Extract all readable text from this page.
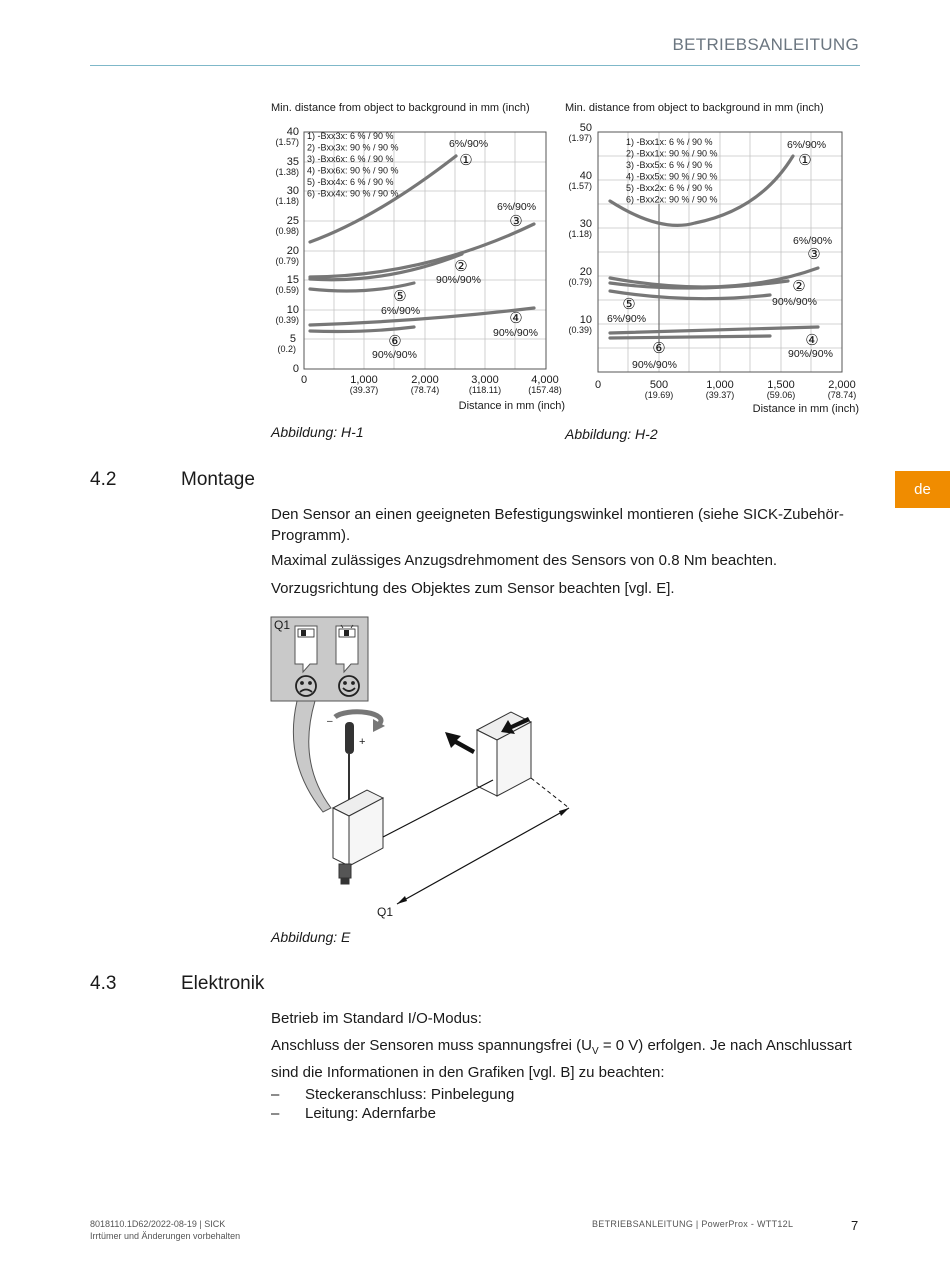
BETRIEBSANLEITUNG
de
Min. distance from object to background in mm (inch)
1) -Bxx3x: 6 % / 90 %
2) -Bxx3x: 90 % / 90 %
3) -Bxx6x: 6 % / 90 %
4) -Bxx6x: 90 % / 90 %
5) -Bxx4x: 6 % / 90 %
6) -Bxx4x: 90 % / 90 %
40
35
30
25
20
15
10
5
0
(1.57)
(1.38)
(1.18)
(0.98)
(0.79)
(0.59)
(0.39)
(0.2)
0	1,000	2,000	3,000	4,000
(39.37)	(78.74)	(118.11)	(157.48)
Distance in mm (inch)
6%/90%
6%/90%
90%/90%
6%/90%
90%/90%
90%/90%
①
②
③
④
⑤
⑥
Abbildung: H-1
Min. distance from object to background in mm (inch)
1) -Bxx1x: 6 % / 90 %
2) -Bxx1x: 90 % / 90 %
3) -Bxx5x: 6 % / 90 %
4) -Bxx5x: 90 % / 90 %
5) -Bxx2x: 6 % / 90 %
6) -Bxx2x: 90 % / 90 %
50
40
30
20
10
(1.97)
(1.57)
(1.18)
(0.79)
(0.39)
0	500	1,000	1,500	2,000
(19.69)	(39.37)	(59.06)	(78.74)
Distance in mm (inch)
6%/90%
6%/90%
90%/90%
6%/90%
90%/90%
90%/90%
①
②
③
④
⑤
⑥
Abbildung: H-2
4.2	Montage
Den Sensor an einen geeigneten Befestigungswinkel montieren (siehe SICK-Zubehör-Programm).
Maximal zulässiges Anzugsdrehmoment des Sensors von 0.8 Nm beachten.
Vorzugsrichtung des Objektes zum Sensor beachten [vgl. E].
Q1
–
+
Q1
Abbildung: E
4.3	Elektronik
Betrieb im Standard I/O-Modus:
Anschluss der Sensoren muss spannungsfrei ($U_V = 0$ V) erfolgen. Je nach Anschlussart sind die Informationen in den Grafiken [vgl. B] zu beachten:
– Steckeranschluss: Pinbelegung
– Leitung: Adernfarbe
8018110.1D62/2022-08-19 | SICK
Irrtümer und Änderungen vorbehalten
BETRIEBSANLEITUNG | PowerProx - WTT12L	7
